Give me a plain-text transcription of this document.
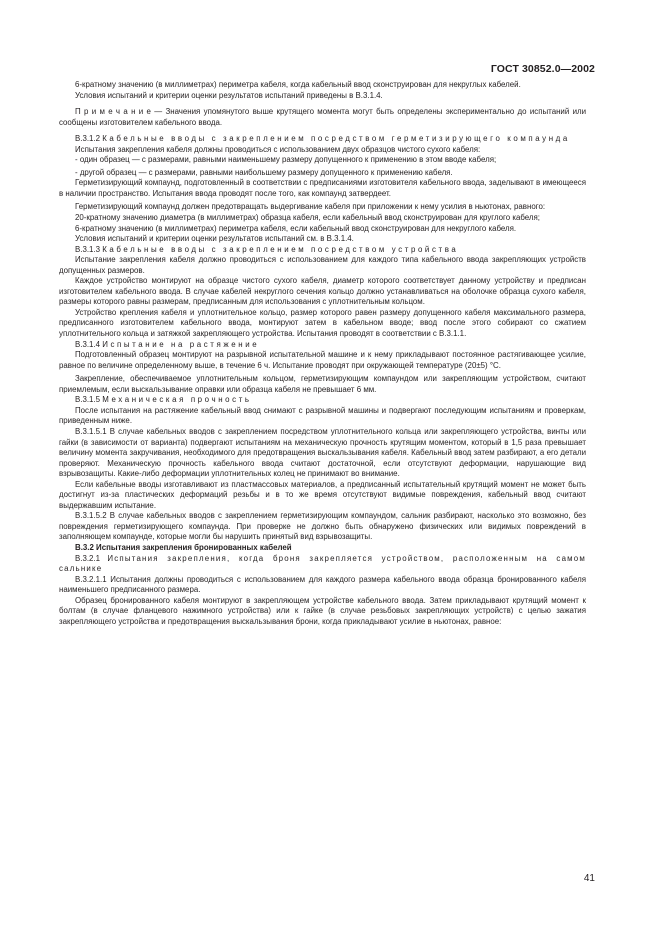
ГОСТ 30852.0—2002

6-кратному значению (в миллиметрах) периметра кабеля, когда кабельный ввод сконструирован для некруглых кабелей.

Условия испытаний и критерии оценки результатов испытаний приведены в В.3.1.4.

П р и м е ч а н и е — Значения упомянутого выше крутящего момента могут быть определены экспериментально до испытаний или сообщены изготовителем кабельного ввода.

В.3.1.2 Кабельные вводы с закреплением посредством герметизирующего компаунда

Испытания закрепления кабеля должны проводиться с использованием двух образцов чистого сухого кабеля:

- один образец — с размерами, равными наименьшему размеру допущенного к применению в этом вводе кабеля;

- другой образец — с размерами, равными наибольшему размеру допущенного к применению кабеля.

Герметизирующий компаунд, подготовленный в соответствии с предписаниями изготовителя кабельного ввода, заделывают в имеющееся в наличии пространство. Испытания ввода проводят после того, как компаунд затвердеет.

Герметизирующий компаунд должен предотвращать выдергивание кабеля при приложении к нему усилия в ньютонах, равного:

20-кратному значению диаметра (в миллиметрах) образца кабеля, если кабельный ввод сконструирован для круглого кабеля;

6-кратному значению (в миллиметрах) периметра кабеля, если кабельный ввод сконструирован для некруглого кабеля.

Условия испытаний и критерии оценки результатов испытаний см. в В.3.1.4.

В.3.1.3 Кабельные вводы с закреплением посредством устройства

Испытание закрепления кабеля должно проводиться с использованием для каждого типа кабельного ввода закрепляющих устройств допущенных размеров.

Каждое устройство монтируют на образце чистого сухого кабеля, диаметр которого соответствует данному устройству и предписан изготовителем кабельного ввода. В случае кабелей некруглого сечения кольцо должно устанавливаться на оболочке образца сухого кабеля, размеры которого равны размерам, предписанным для использования с уплотнительным кольцом.

Устройство крепления кабеля и уплотнительное кольцо, размер которого равен размеру допущенного кабеля максимального размера, предписанного изготовителем кабельного ввода, монтируют затем в кабельном вводе; ввод после этого собирают со сжатием уплотнительного кольца и затяжкой закрепляющего устройства. Испытания проводят в соответствии с В.3.1.1.

В.3.1.4 Испытание на растяжение

Подготовленный образец монтируют на разрывной испытательной машине и к нему прикладывают постоянное растягивающее усилие, равное по величине определенному выше, в течение 6 ч. Испытание проводят при окружающей температуре (20±5) °С.

Закрепление, обеспечиваемое уплотнительным кольцом, герметизирующим компаундом или закрепляющим устройством, считают приемлемым, если выскальзывание оправки или образца кабеля не превышает 6 мм.

В.3.1.5 Механическая прочность

После испытания на растяжение кабельный ввод снимают с разрывной машины и подвергают последующим испытаниям и проверкам, приведенным ниже.

В.3.1.5.1 В случае кабельных вводов с закреплением посредством уплотнительного кольца или закрепляющего устройства, винты или гайки (в зависимости от варианта) подвергают испытаниям на механическую прочность крутящим моментом, который в 1,5 раза превышает величину момента закручивания, необходимого для предотвращения выскальзывания кабеля. Кабельный ввод затем разбирают, а его детали проверяют. Механическую прочность кабельного ввода считают достаточной, если отсутствуют деформации, нарушающие вид взрывозащиты. Какие-либо деформации уплотнительных колец не принимают во внимание.

Если кабельные вводы изготавливают из пластмассовых материалов, а предписанный испытательный крутящий момент не может быть достигнут из-за пластических деформаций резьбы и в то же время отсутствуют видимые повреждения, кабельный ввод считают выдержавшим испытание.

В.3.1.5.2 В случае кабельных вводов с закреплением герметизирующим компаундом, сальник разбирают, насколько это возможно, без повреждения герметизирующего компаунда. При проверке не должно быть обнаружено физических или видимых повреждений в заполняющем компаунде, которые могли бы нарушить принятый вид взрывозащиты.

В.3.2 Испытания закрепления бронированных кабелей

В.3.2.1 Испытания закрепления, когда броня закрепляется устройством, расположенным на самом сальнике

В.3.2.1.1 Испытания должны проводиться с использованием для каждого размера кабельного ввода образца бронированного кабеля наименьшего предписанного размера.

Образец бронированного кабеля монтируют в закрепляющем устройстве кабельного ввода. Затем прикладывают крутящий момент к болтам (в случае фланцевого нажимного устройства) или к гайке (в случае резьбовых закрепляющих устройств) с целью зажатия закрепляющего устройства и предотвращения выскальзывания брони, когда прикладывают усилие в ньютонах, равное:

41
